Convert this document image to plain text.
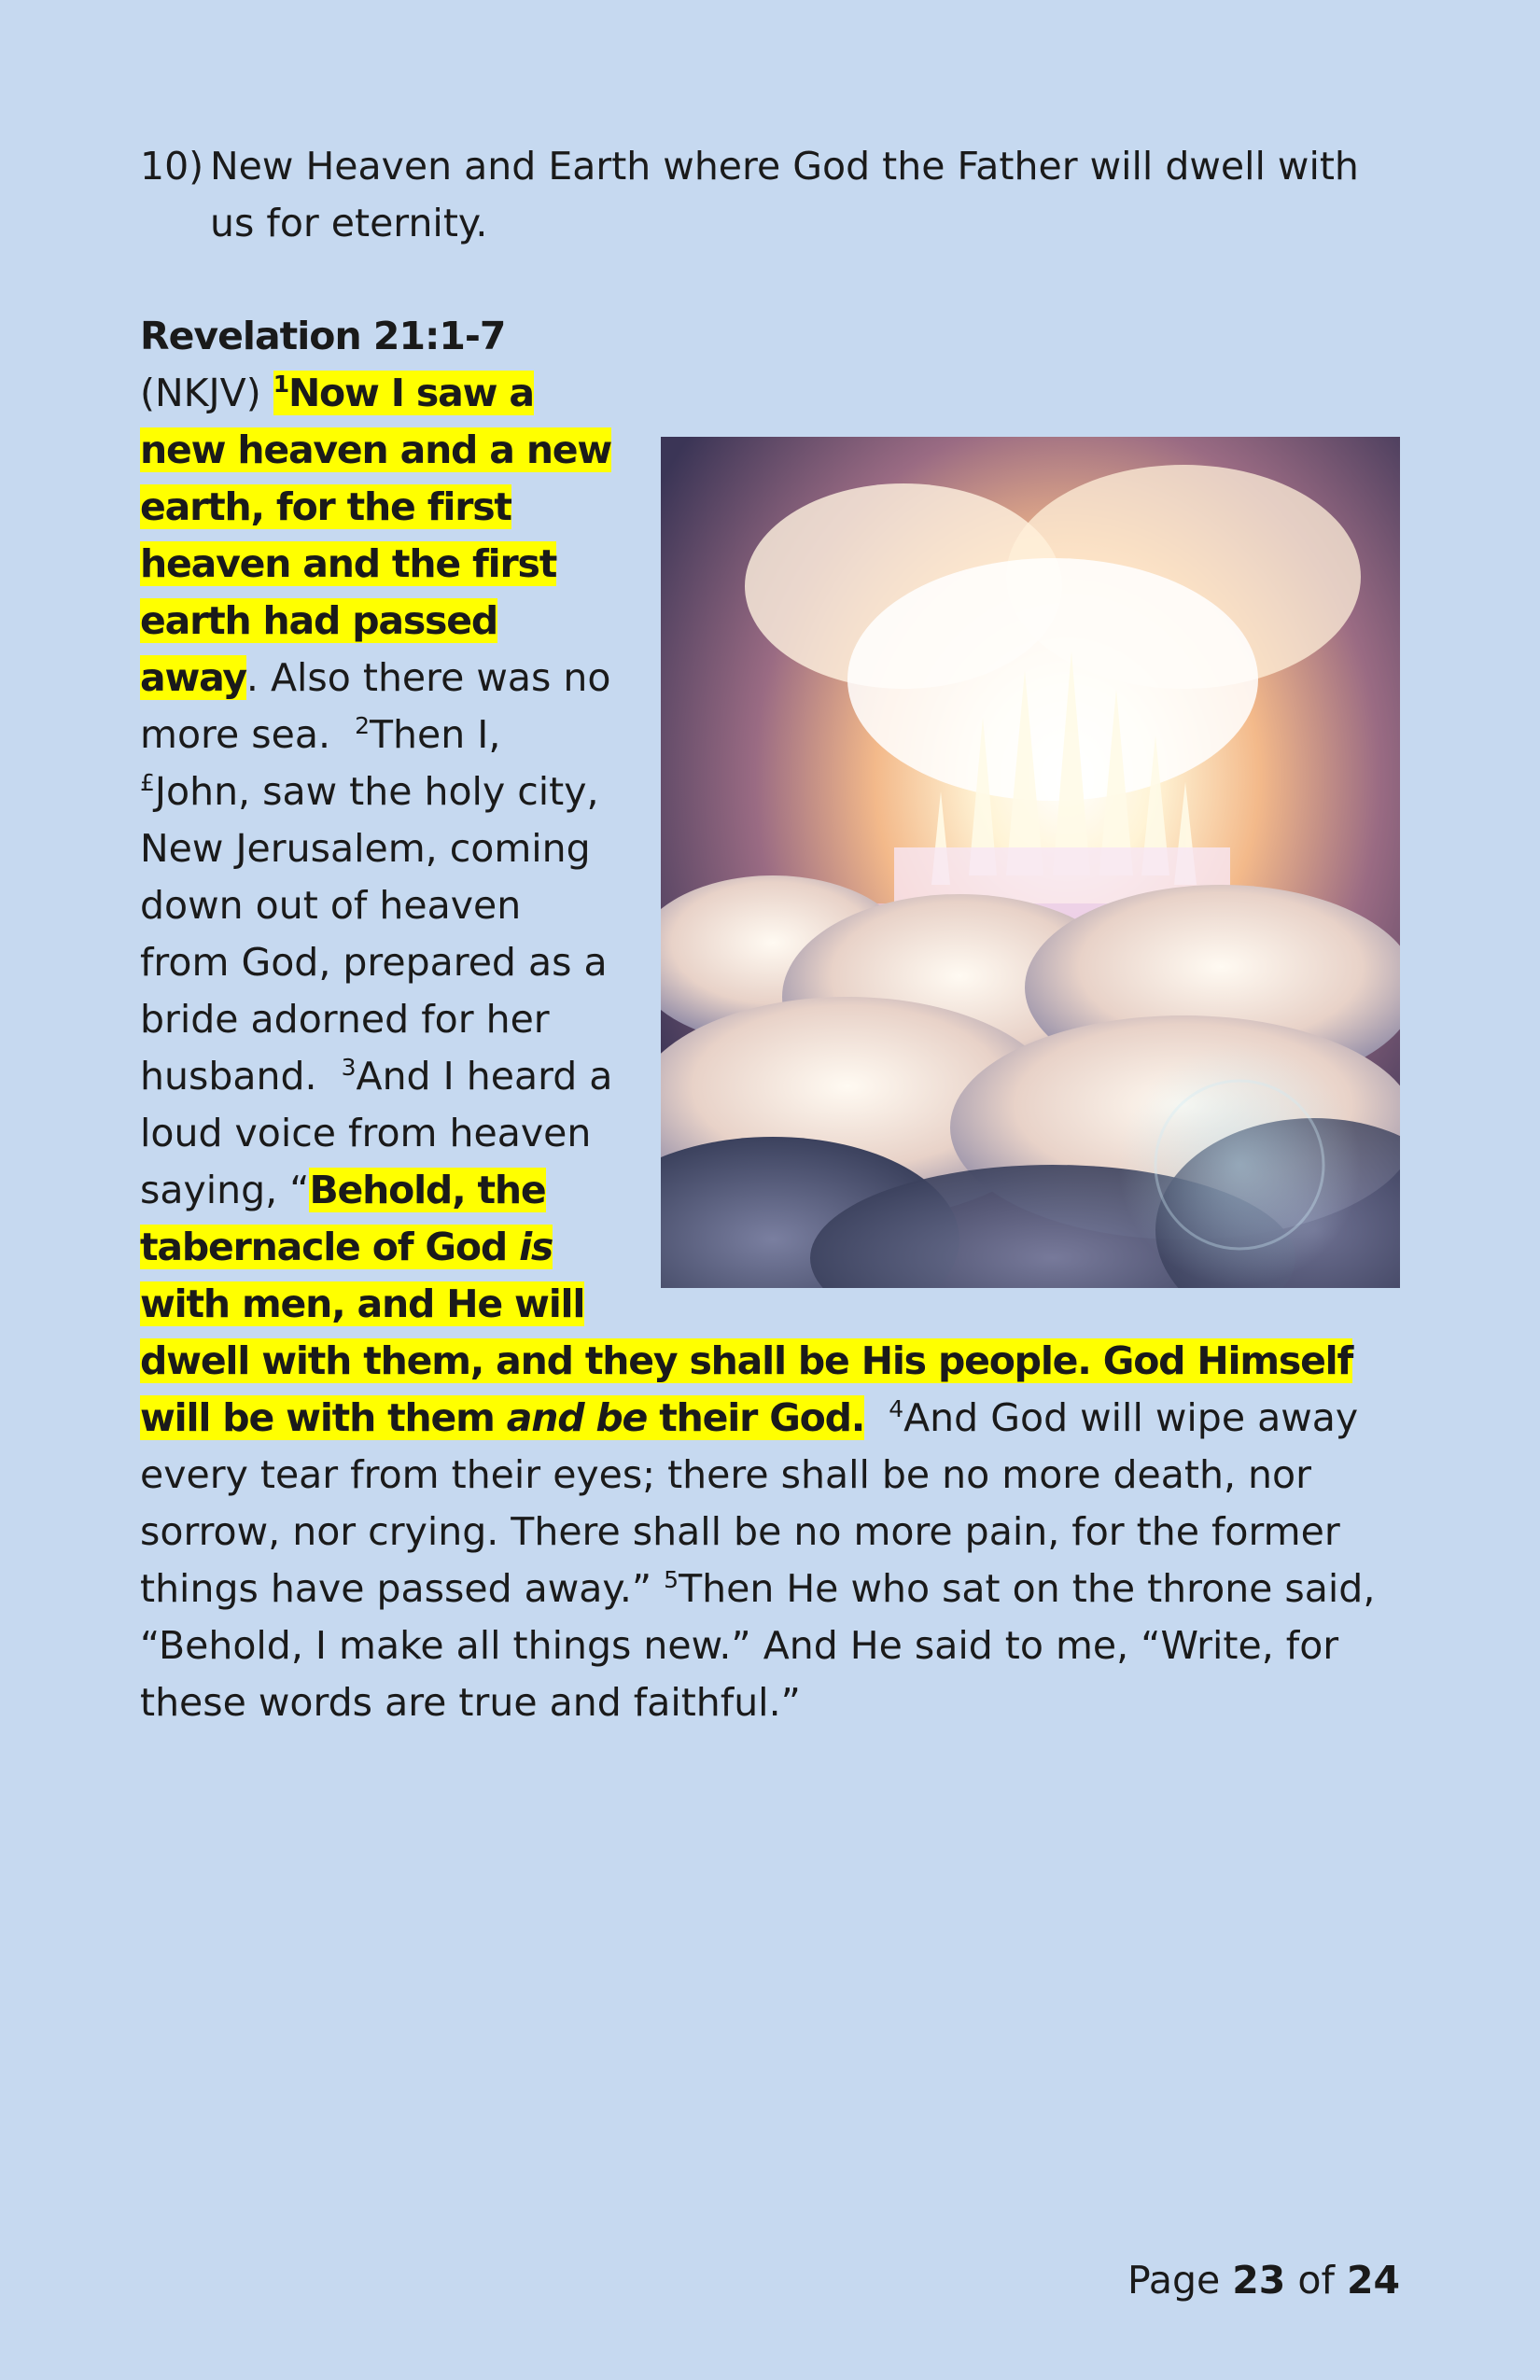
10) New Heaven and Earth where God the Father will dwell with us for eternity.
Revelation 21:1-7 (NKJV) $^1$Now I saw a new heaven and a new earth, for the first heaven and the first earth had passed away. Also there was no more sea. $^2$Then I, £John, saw the holy city, New Jerusalem, coming down out of heaven from God, prepared as a bride adorned for her husband. $^3$And I heard a loud voice from heaven saying, “Behold, the tabernacle of God is with men, and He will dwell with them, and they shall be His people. God Himself will be with them and be their God. $^4$And God will wipe away every tear from their eyes; there shall be no more death, nor sorrow, nor crying. There shall be no more pain, for the former things have passed away.” $^5$Then He who sat on the throne said, “Behold, I make all things new.” And He said to me, “Write, for these words are true and faithful.”
Page 23 of 24
